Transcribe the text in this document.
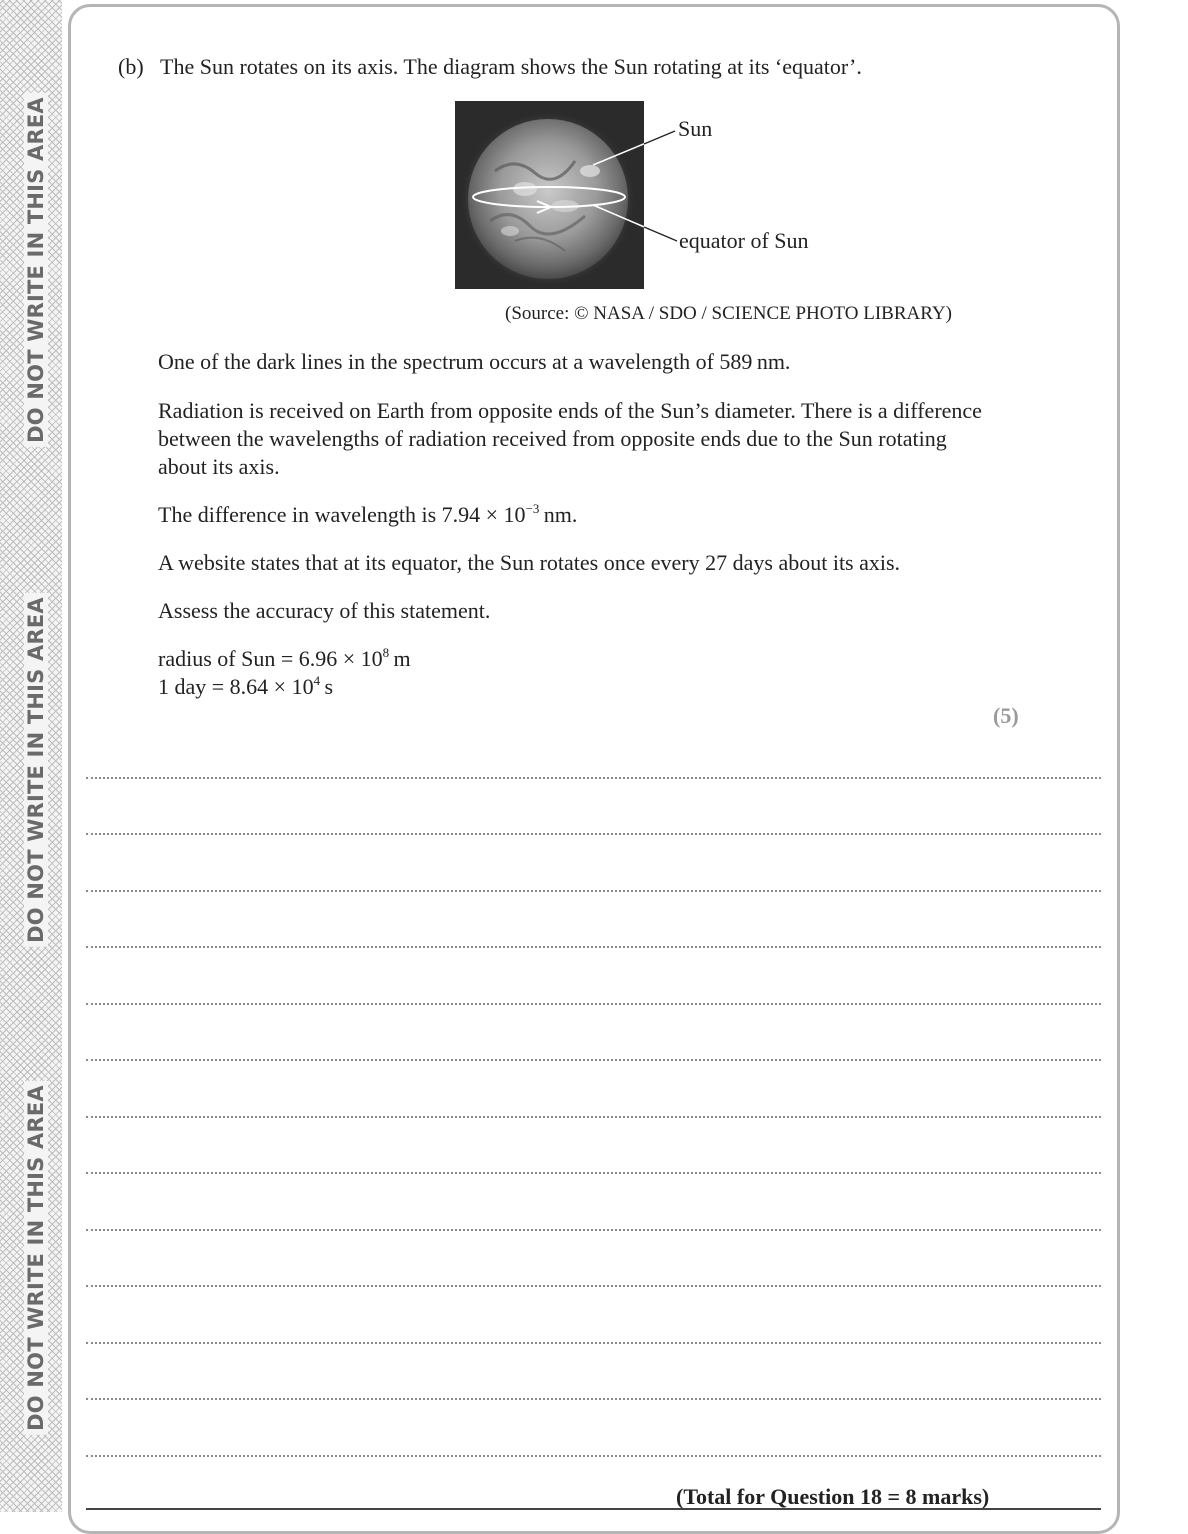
DO NOT WRITE IN THIS AREA
DO NOT WRITE IN THIS AREA
DO NOT WRITE IN THIS AREA
(b) The Sun rotates on its axis. The diagram shows the Sun rotating at its ‘equator’.
Sun
equator of Sun
(Source: © NASA / SDO / SCIENCE PHOTO LIBRARY)
One of the dark lines in the spectrum occurs at a wavelength of 589 nm.
Radiation is received on Earth from opposite ends of the Sun’s diameter. There is a difference between the wavelengths of radiation received from opposite ends due to the Sun rotating about its axis.
The difference in wavelength is $7.94 \times 10^{-3}$ nm.
A website states that at its equator, the Sun rotates once every 27 days about its axis.
Assess the accuracy of this statement.
radius of Sun = $6.96 \times 10^8$ m
1 day = $8.64 \times 10^4$ s
(5)
(Total for Question 18 = 8 marks)
